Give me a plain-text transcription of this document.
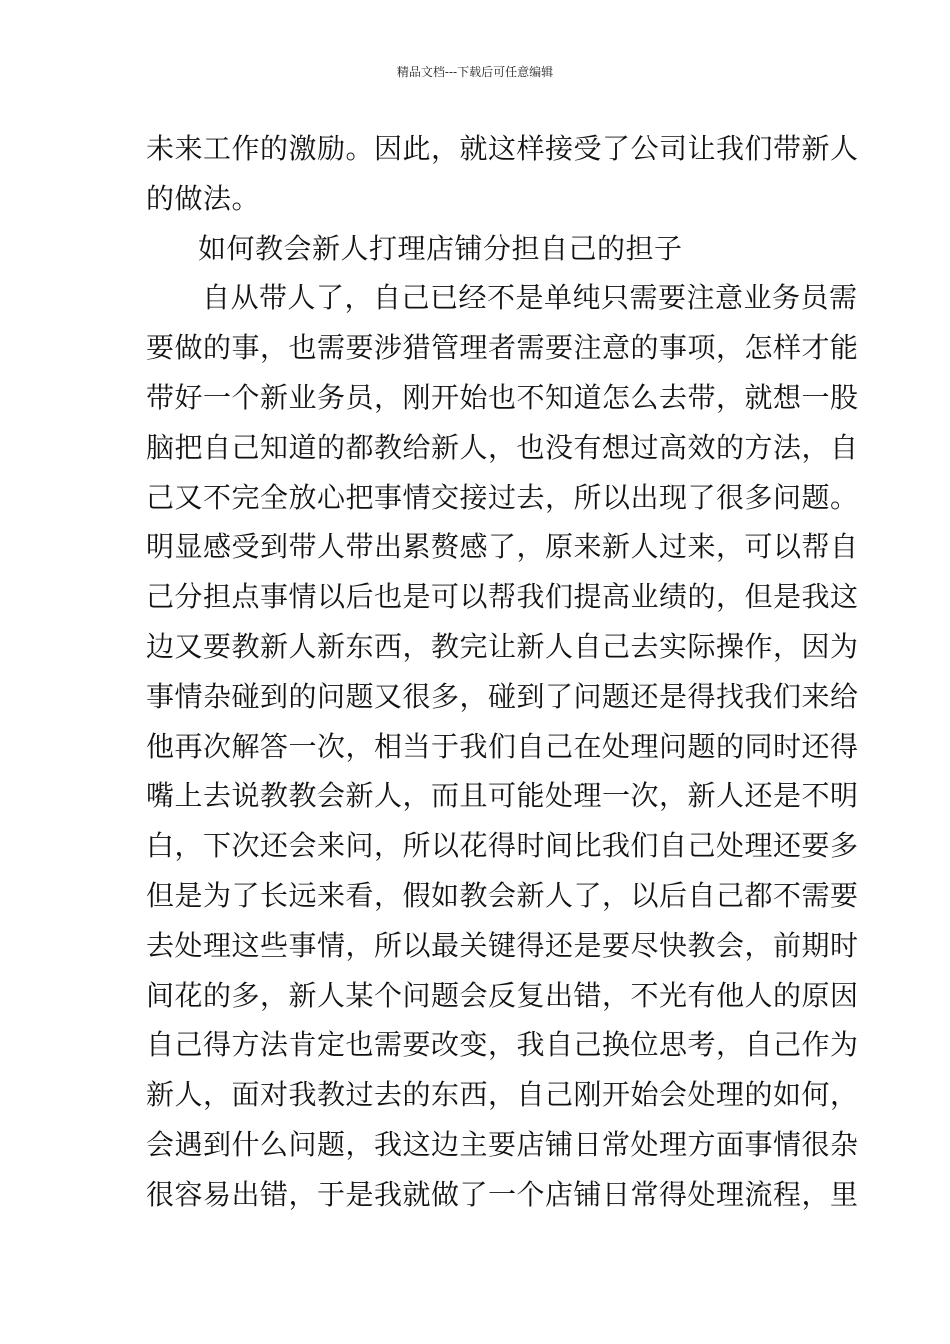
精品文档---下载后可任意编辑
未来工作的激励。因此，就这样接受了公司让我们带新人
的做法。
如何教会新人打理店铺分担自己的担子
自从带人了，自己已经不是单纯只需要注意业务员需
要做的事，也需要涉猎管理者需要注意的事项，怎样才能
带好一个新业务员，刚开始也不知道怎么去带，就想一股
脑把自己知道的都教给新人，也没有想过高效的方法，自
己又不完全放心把事情交接过去，所以出现了很多问题。
明显感受到带人带出累赘感了，原来新人过来，可以帮自
己分担点事情以后也是可以帮我们提高业绩的，但是我这
边又要教新人新东西，教完让新人自己去实际操作，因为
事情杂碰到的问题又很多，碰到了问题还是得找我们来给
他再次解答一次，相当于我们自己在处理问题的同时还得
嘴上去说教教会新人，而且可能处理一次，新人还是不明
白，下次还会来问，所以花得时间比我们自己处理还要多
但是为了长远来看，假如教会新人了，以后自己都不需要
去处理这些事情，所以最关键得还是要尽快教会，前期时
间花的多，新人某个问题会反复出错，不光有他人的原因
自己得方法肯定也需要改变，我自己换位思考，自己作为
新人，面对我教过去的东西，自己刚开始会处理的如何，
会遇到什么问题，我这边主要店铺日常处理方面事情很杂
很容易出错，于是我就做了一个店铺日常得处理流程，里
